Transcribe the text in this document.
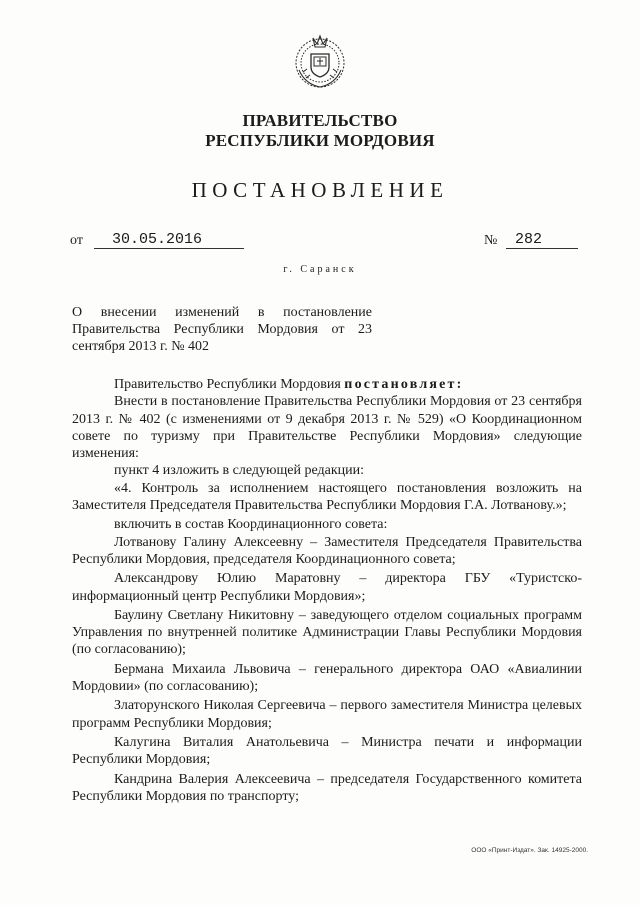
ПРАВИТЕЛЬСТВО
РЕСПУБЛИКИ МОРДОВИЯ
ПОСТАНОВЛЕНИЕ
от	30.05.2016	№	282
г. Саранск
О внесении изменений в постановление Правительства Республики Мордовия от 23 сентября 2013 г. № 402

Правительство Республики Мордовия постановляет:

Внести в постановление Правительства Республики Мордовия от 23 сентября 2013 г. № 402 (с изменениями от 9 декабря 2013 г. № 529) «О Координационном совете по туризму при Правительстве Республики Мордовия» следующие изменения:

пункт 4 изложить в следующей редакции:

«4. Контроль за исполнением настоящего постановления возложить на Заместителя Председателя Правительства Республики Мордовия Г.А. Лотванову.»;

включить в состав Координационного совета:

Лотванову Галину Алексеевну – Заместителя Председателя Правительства Республики Мордовия, председателя Координационного совета;

Александрову Юлию Маратовну – директора ГБУ «Туристско-информационный центр Республики Мордовия»;

Баулину Светлану Никитовну – заведующего отделом социальных программ Управления по внутренней политике Администрации Главы Республики Мордовия (по согласованию);

Бермана Михаила Львовича – генерального директора ОАО «Авиалинии Мордовии» (по согласованию);

Златорунского Николая Сергеевича – первого заместителя Министра целевых программ Республики Мордовия;

Калугина Виталия Анатольевича – Министра печати и информации Республики Мордовия;

Кандрина Валерия Алексеевича – председателя Государственного комитета Республики Мордовия по транспорту;

ООО «Принт-Издат». Зак. 14925-2000.
